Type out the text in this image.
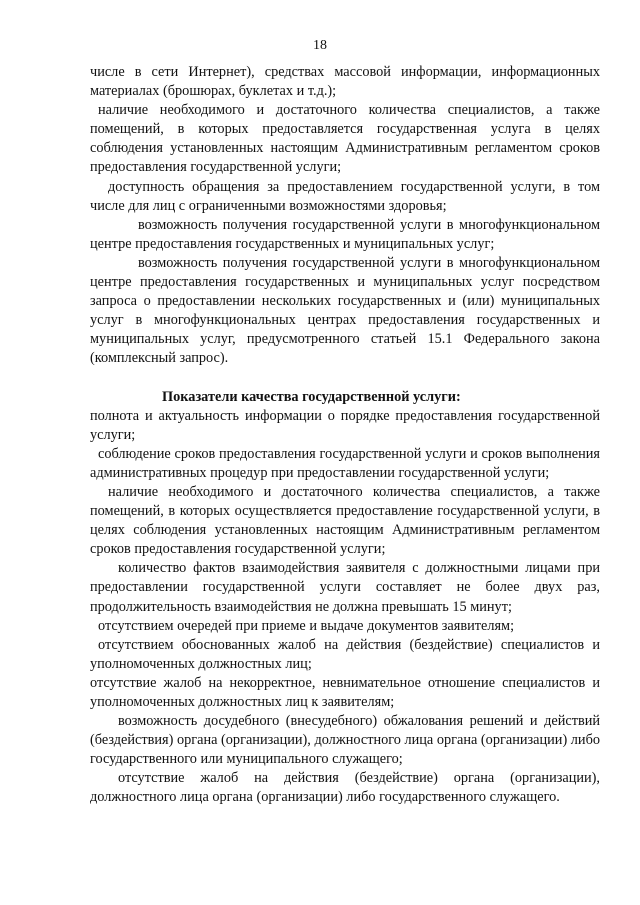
18

числе в сети Интернет), средствах массовой информации, информационных материалах (брошюрах, буклетах и т.д.);

наличие необходимого и достаточного количества специалистов, а также помещений, в которых предоставляется государственная услуга в целях соблюдения установленных настоящим Административным регламентом сроков предоставления государственной услуги;

доступность обращения за предоставлением государственной услуги, в том числе для лиц с ограниченными возможностями здоровья;

возможность получения государственной услуги в многофункциональном центре предоставления государственных и муниципальных услуг;

возможность получения государственной услуги в многофункциональном центре предоставления государственных и муниципальных услуг посредством запроса о предоставлении нескольких государственных и (или) муниципальных услуг в многофункциональных центрах предоставления государственных и муниципальных услуг, предусмотренного статьей 15.1 Федерального закона (комплексный запрос).

Показатели качества государственной услуги:

полнота и актуальность информации о порядке предоставления государственной услуги;

соблюдение сроков предоставления государственной услуги и сроков выполнения административных процедур при предоставлении государственной услуги;

наличие необходимого и достаточного количества специалистов, а также помещений, в которых осуществляется предоставление государственной услуги, в целях соблюдения установленных настоящим Административным регламентом сроков предоставления государственной услуги;

количество фактов взаимодействия заявителя с должностными лицами при предоставлении государственной услуги составляет не более двух раз, продолжительность взаимодействия не должна превышать 15 минут;

отсутствием очередей при приеме и выдаче документов заявителям;

отсутствием обоснованных жалоб на действия (бездействие) специалистов и уполномоченных должностных лиц;

отсутствие жалоб на некорректное, невнимательное отношение специалистов и уполномоченных должностных лиц к заявителям;

возможность досудебного (внесудебного) обжалования решений и действий (бездействия) органа (организации), должностного лица органа (организации) либо государственного или муниципального служащего;

отсутствие жалоб на действия (бездействие) органа (организации), должностного лица органа (организации) либо государственного служащего.
